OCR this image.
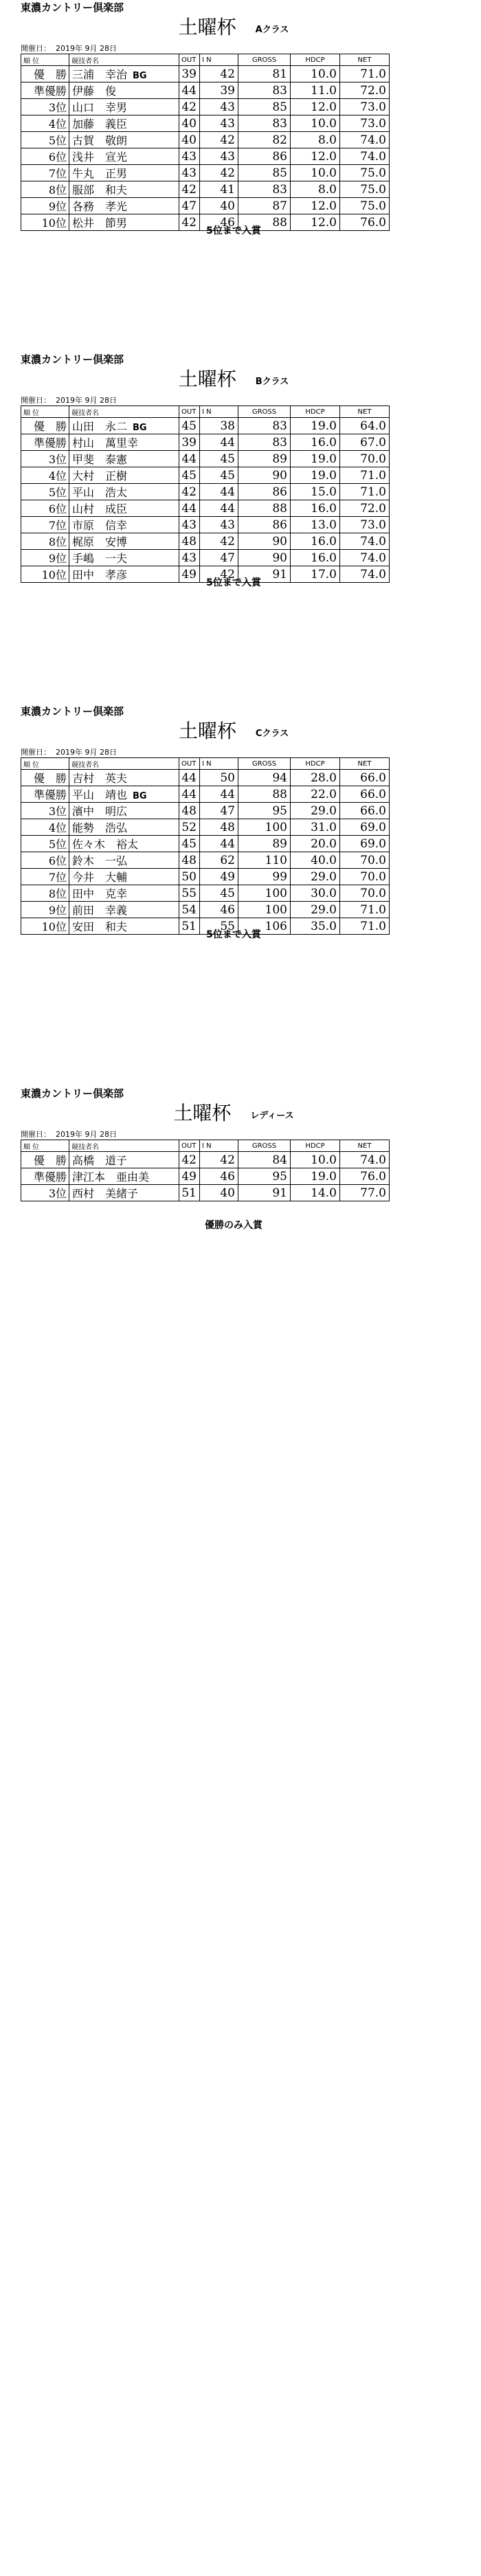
東濃カントリー倶楽部
土曜杯 Aクラス
開催日： 2019年 9月 28日
順 位	競技者名	OUT	I N	GROSS	HDCP	NET
優　勝	三浦　幸治 BG	39	42	81	10.0	71.0
準優勝	伊藤　俊	44	39	83	11.0	72.0
3位	山口　幸男	42	43	85	12.0	73.0
4位	加藤　義臣	40	43	83	10.0	73.0
5位	古賀　敬朗	40	42	82	8.0	74.0
6位	浅井　宣光	43	43	86	12.0	74.0
7位	牛丸　正男	43	42	85	10.0	75.0
8位	服部　和夫	42	41	83	8.0	75.0
9位	各務　孝光	47	40	87	12.0	75.0
10位	松井　節男	42	46	88	12.0	76.0
5位まで入賞
東濃カントリー倶楽部
土曜杯 Bクラス
開催日： 2019年 9月 28日
順 位	競技者名	OUT	I N	GROSS	HDCP	NET
優　勝	山田　永二 BG	45	38	83	19.0	64.0
準優勝	村山　萬里幸	39	44	83	16.0	67.0
3位	甲斐　泰憲	44	45	89	19.0	70.0
4位	大村　正樹	45	45	90	19.0	71.0
5位	平山　浩太	42	44	86	15.0	71.0
6位	山村　成臣	44	44	88	16.0	72.0
7位	市原　信幸	43	43	86	13.0	73.0
8位	梶原　安博	48	42	90	16.0	74.0
9位	手嶋　一夫	43	47	90	16.0	74.0
10位	田中　孝彦	49	42	91	17.0	74.0
5位まで入賞
東濃カントリー倶楽部
土曜杯 Cクラス
開催日： 2019年 9月 28日
順 位	競技者名	OUT	I N	GROSS	HDCP	NET
優　勝	吉村　英夫	44	50	94	28.0	66.0
準優勝	平山　靖也 BG	44	44	88	22.0	66.0
3位	濱中　明広	48	47	95	29.0	66.0
4位	能勢　浩弘	52	48	100	31.0	69.0
5位	佐々木　裕太	45	44	89	20.0	69.0
6位	鈴木　一弘	48	62	110	40.0	70.0
7位	今井　大輔	50	49	99	29.0	70.0
8位	田中　克幸	55	45	100	30.0	70.0
9位	前田　幸義	54	46	100	29.0	71.0
10位	安田　和夫	51	55	106	35.0	71.0
5位まで入賞
東濃カントリー倶楽部
土曜杯 レディース
開催日： 2019年 9月 28日
順 位	競技者名	OUT	I N	GROSS	HDCP	NET
優　勝	高橋　道子	42	42	84	10.0	74.0
準優勝	津江本　亜由美	49	46	95	19.0	76.0
3位	西村　美緒子	51	40	91	14.0	77.0
優勝のみ入賞
